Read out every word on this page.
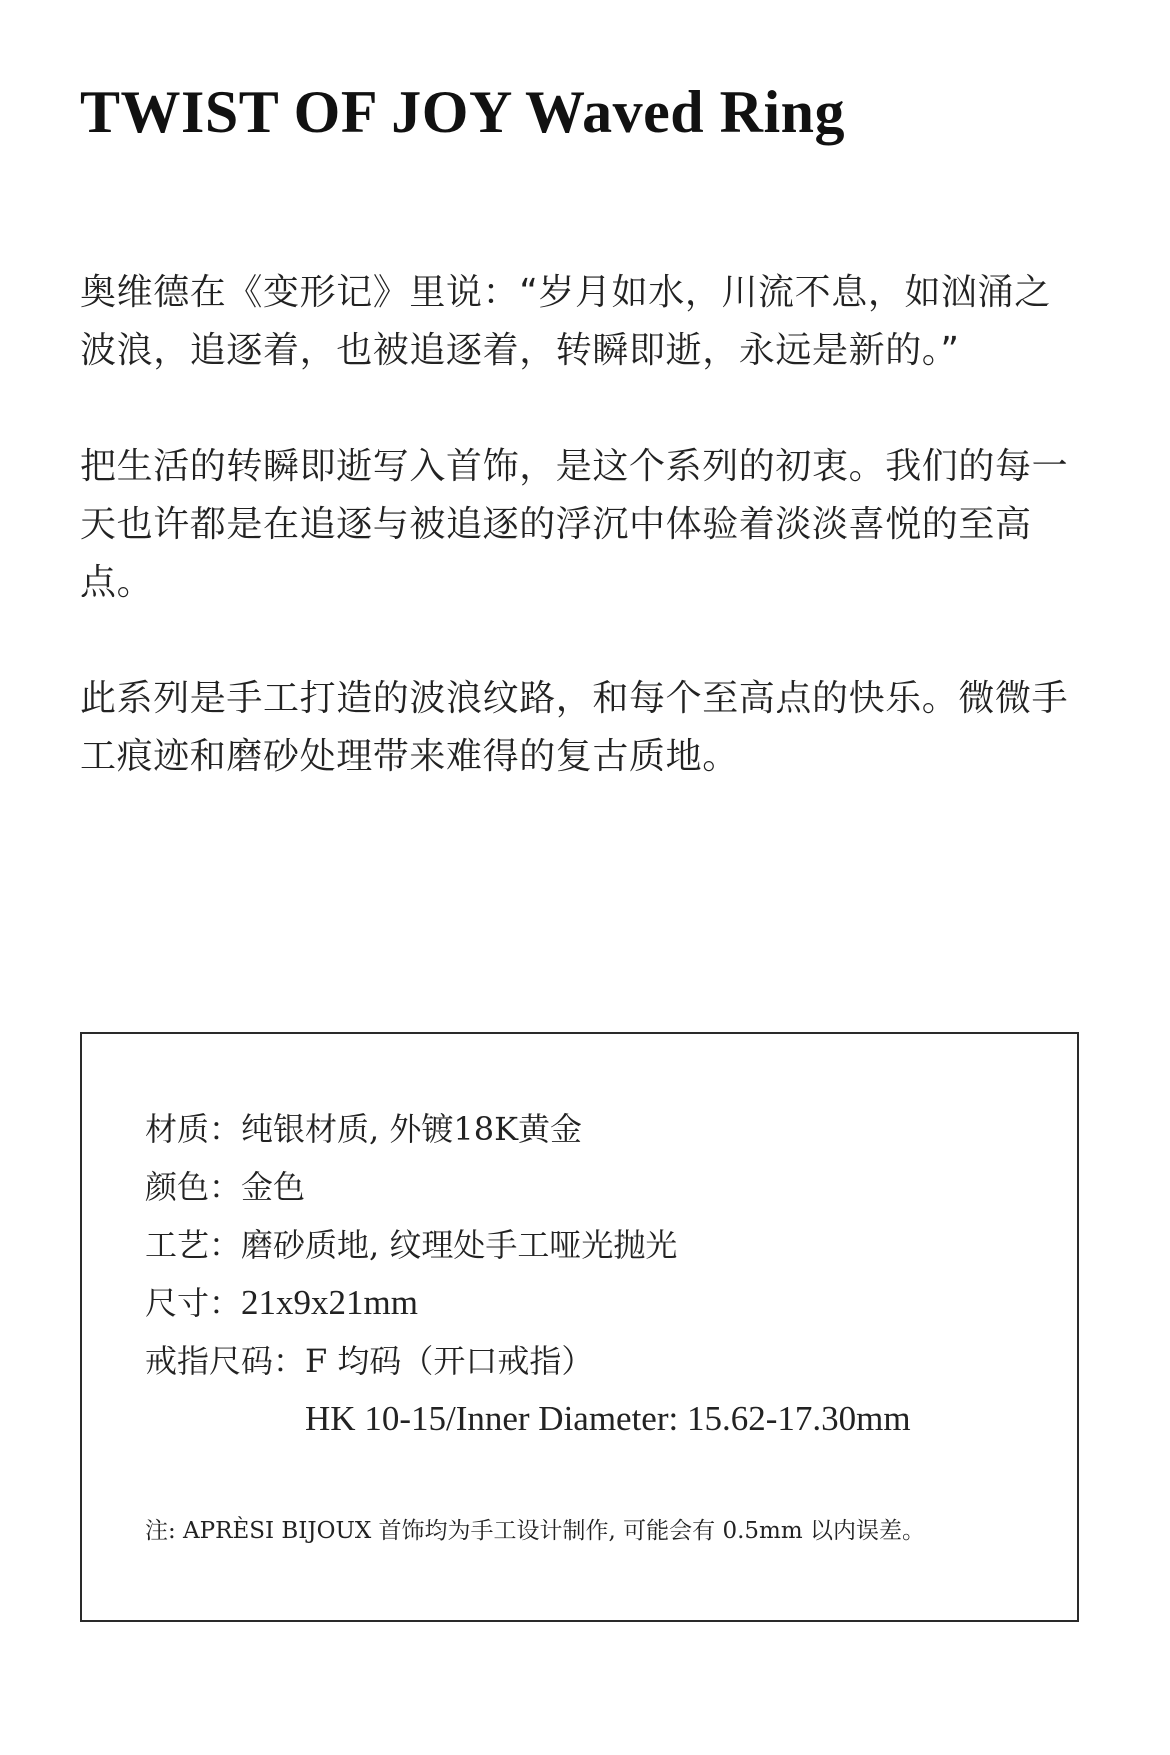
TWIST OF JOY Waved Ring

奥维德在《变形记》里说：“岁月如水，川流不息，如汹涌之波浪，追逐着，也被追逐着，转瞬即逝，永远是新的。”

把生活的转瞬即逝写入首饰，是这个系列的初衷。我们的每一天也许都是在追逐与被追逐的浮沉中体验着淡淡喜悦的至高点。

此系列是手工打造的波浪纹路，和每个至高点的快乐。微微手工痕迹和磨砂处理带来难得的复古质地。

材质： 纯银材质, 外镀18K黄金
颜色： 金色
工艺： 磨砂质地, 纹理处手工哑光抛光
尺寸： 21x9x21mm
戒指尺码： F 均码（开口戒指）
HK 10-15/Inner Diameter: 15.62-17.30mm

注: APRÈSI BIJOUX 首饰均为手工设计制作, 可能会有 0.5mm 以内误差。
